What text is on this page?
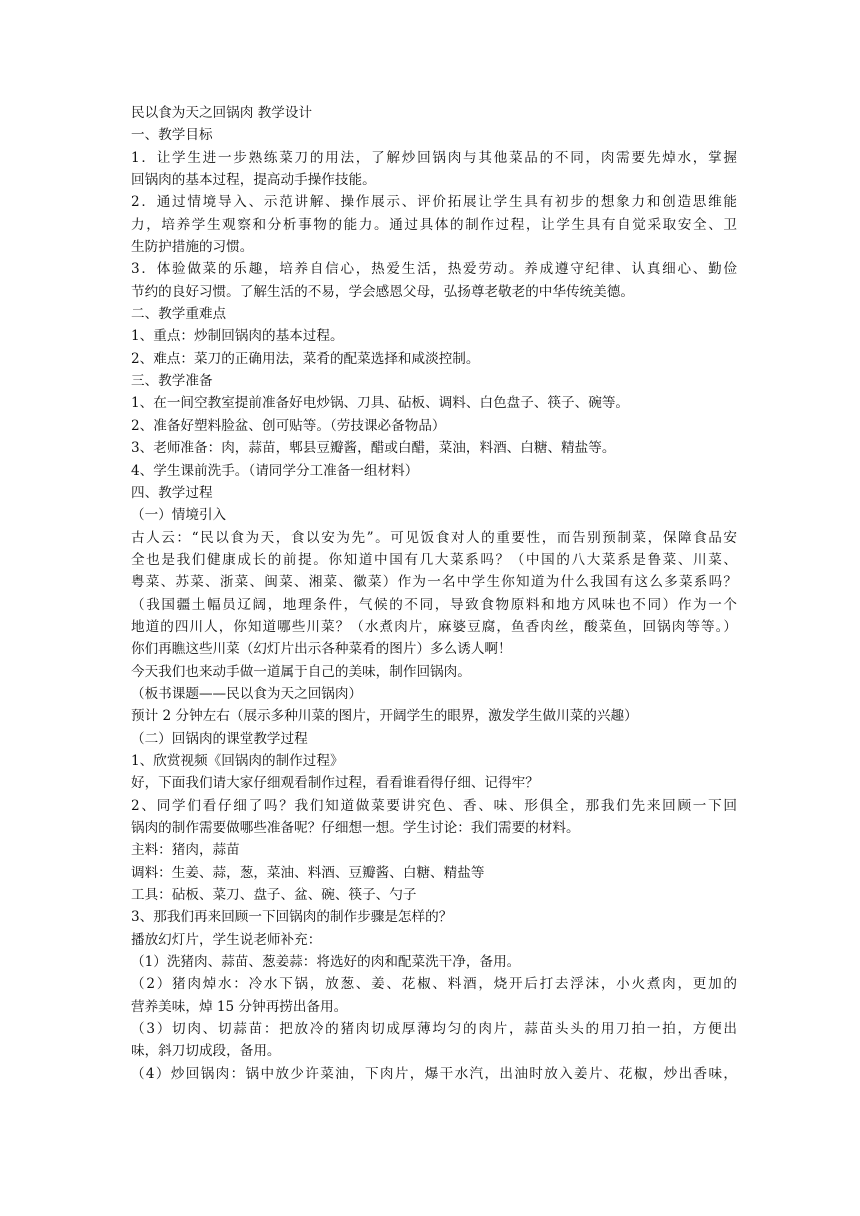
民以食为天之回锅肉 教学设计
一、教学目标
1．让学生进一步熟练菜刀的用法，了解炒回锅肉与其他菜品的不同，肉需要先焯水，掌握
回锅肉的基本过程，提高动手操作技能。
2．通过情境导入、示范讲解、操作展示、评价拓展让学生具有初步的想象力和创造思维能
力，培养学生观察和分析事物的能力。通过具体的制作过程，让学生具有自觉采取安全、卫
生防护措施的习惯。
3．体验做菜的乐趣，培养自信心，热爱生活，热爱劳动。养成遵守纪律、认真细心、勤俭
节约的良好习惯。了解生活的不易，学会感恩父母，弘扬尊老敬老的中华传统美德。
二、教学重难点
1、重点：炒制回锅肉的基本过程。
2、难点：菜刀的正确用法，菜肴的配菜选择和咸淡控制。
三、教学准备
1、在一间空教室提前准备好电炒锅、刀具、砧板、调料、白色盘子、筷子、碗等。
2、准备好塑料脸盆、创可贴等。（劳技课必备物品）
3、老师准备：肉，蒜苗，郫县豆瓣酱，醋或白醋，菜油，料酒、白糖、精盐等。
4、学生课前洗手。（请同学分工准备一组材料）
四、教学过程
（一）情境引入
古人云：“民以食为天，食以安为先”。可见饭食对人的重要性，而告别预制菜，保障食品安
全也是我们健康成长的前提。你知道中国有几大菜系吗？（中国的八大菜系是鲁菜、川菜、
粤菜、苏菜、浙菜、闽菜、湘菜、徽菜）作为一名中学生你知道为什么我国有这么多菜系吗？
（我国疆土幅员辽阔，地理条件，气候的不同，导致食物原料和地方风味也不同）作为一个
地道的四川人，你知道哪些川菜？（水煮肉片，麻婆豆腐，鱼香肉丝，酸菜鱼，回锅肉等等。）
你们再瞧这些川菜（幻灯片出示各种菜肴的图片）多么诱人啊！
今天我们也来动手做一道属于自己的美味，制作回锅肉。
（板书课题——民以食为天之回锅肉）
预计 2 分钟左右（展示多种川菜的图片，开阔学生的眼界，激发学生做川菜的兴趣）
（二）回锅肉的课堂教学过程
1、欣赏视频《回锅肉的制作过程》
好，下面我们请大家仔细观看制作过程，看看谁看得仔细、记得牢？
2、同学们看仔细了吗？我们知道做菜要讲究色、香、味、形俱全，那我们先来回顾一下回
锅肉的制作需要做哪些准备呢？仔细想一想。学生讨论：我们需要的材料。
主料：猪肉，蒜苗
调料：生姜、蒜，葱，菜油、料酒、豆瓣酱、白糖、精盐等
工具：砧板、菜刀、盘子、盆、碗、筷子、勺子
3、那我们再来回顾一下回锅肉的制作步骤是怎样的？
播放幻灯片，学生说老师补充：
（1）洗猪肉、蒜苗、葱姜蒜：将选好的肉和配菜洗干净，备用。
（2）猪肉焯水：冷水下锅，放葱、姜、花椒、料酒，烧开后打去浮沫，小火煮肉，更加的
营养美味，焯 15 分钟再捞出备用。
（3）切肉、切蒜苗：把放冷的猪肉切成厚薄均匀的肉片，蒜苗头头的用刀拍一拍，方便出
味，斜刀切成段，备用。
（4）炒回锅肉：锅中放少许菜油，下肉片，爆干水汽，出油时放入姜片、花椒，炒出香味，
